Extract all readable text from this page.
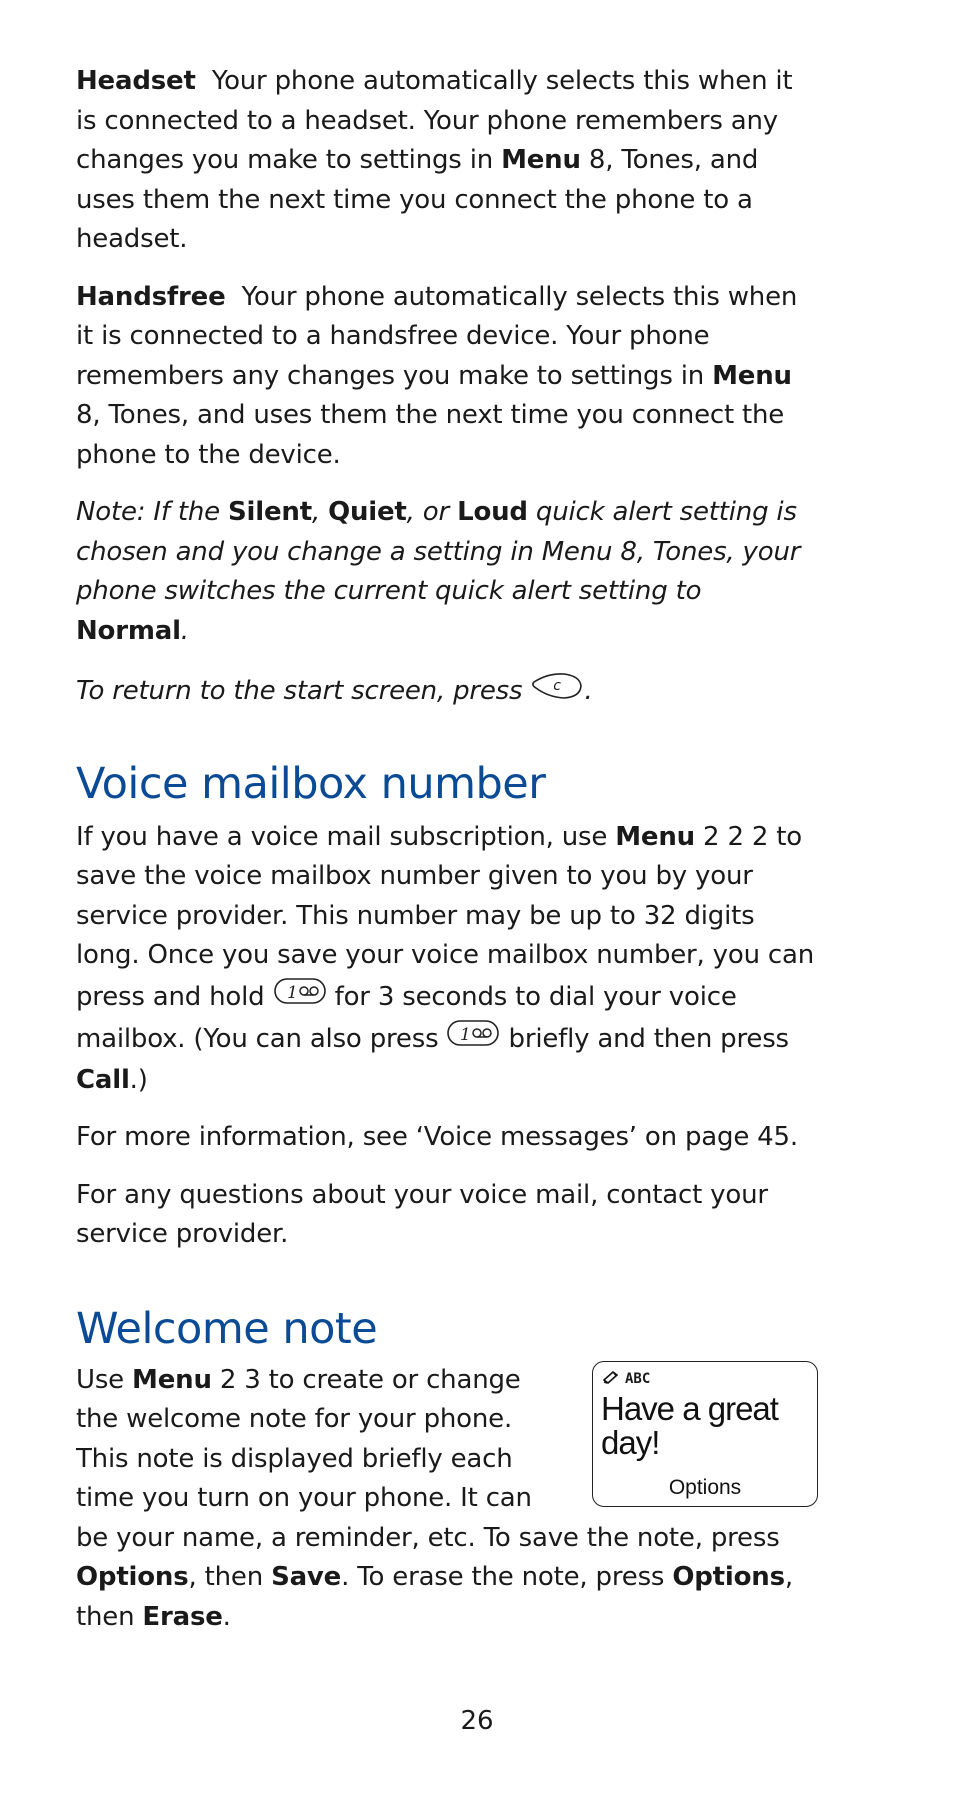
Headset Your phone automatically selects this when it is connected to a headset. Your phone remembers any changes you make to settings in Menu 8, Tones, and uses them the next time you connect the phone to a headset.

Handsfree Your phone automatically selects this when it is connected to a handsfree device. Your phone remembers any changes you make to settings in Menu 8, Tones, and uses them the next time you connect the phone to the device.

Note: If the Silent, Quiet, or Loud quick alert setting is chosen and you change a setting in Menu 8, Tones, your phone switches the current quick alert setting to Normal.

To return to the start screen, press c .

Voice mailbox number

If you have a voice mail subscription, use Menu 2 2 2 to save the voice mailbox number given to you by your service provider. This number may be up to 32 digits long. Once you save your voice mailbox number, you can press and hold 1 for 3 seconds to dial your voice mailbox. (You can also press 1 briefly and then press Call.)

For more information, see ‘Voice messages’ on page 45.

For any questions about your voice mail, contact your service provider.

Welcome note
ABC
Have a great day!
Options

Use Menu 2 3 to create or change the welcome note for your phone. This note is displayed briefly each time you turn on your phone. It can be your name, a reminder, etc. To save the note, press Options, then Save. To erase the note, press Options, then Erase.

26
